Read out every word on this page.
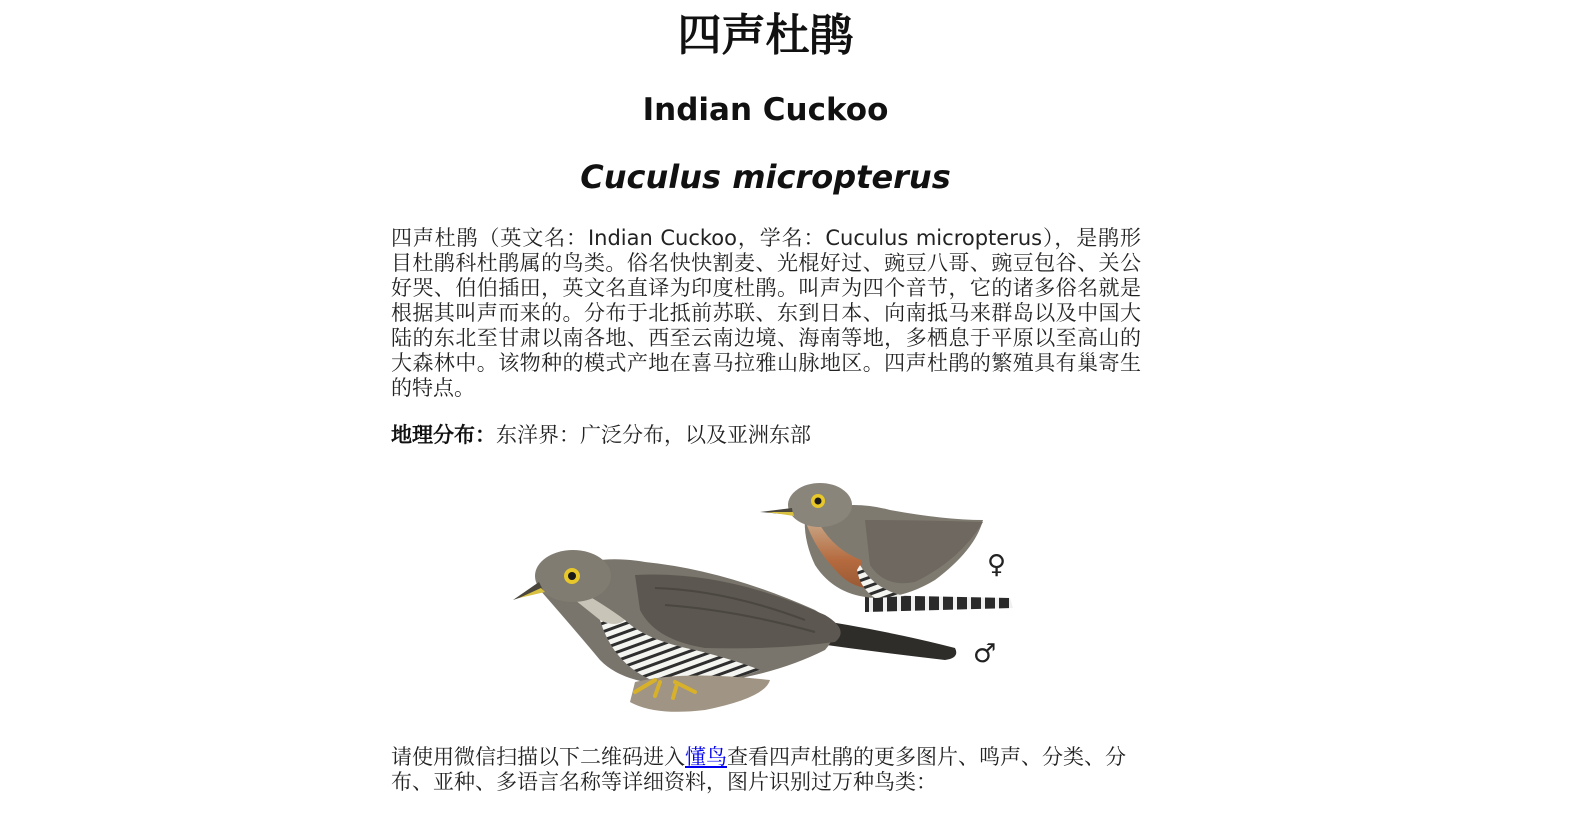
四声杜鹃
Indian Cuckoo
Cuculus micropterus

四声杜鹃（英文名：Indian Cuckoo，学名：Cuculus micropterus），是鹃形目杜鹃科杜鹃属的鸟类。俗名快快割麦、光棍好过、豌豆八哥、豌豆包谷、关公好哭、伯伯插田，英文名直译为印度杜鹃。叫声为四个音节，它的诸多俗名就是根据其叫声而来的。分布于北抵前苏联、东到日本、向南抵马来群岛以及中国大陆的东北至甘肃以南各地、西至云南边境、海南等地，多栖息于平原以至高山的大森林中。该物种的模式产地在喜马拉雅山脉地区。四声杜鹃的繁殖具有巢寄生的特点。

地理分布：东洋界：广泛分布，以及亚洲东部

♀
♂

请使用微信扫描以下二维码进入懂鸟查看四声杜鹃的更多图片、鸣声、分类、分布、亚种、多语言名称等详细资料，图片识别过万种鸟类：
